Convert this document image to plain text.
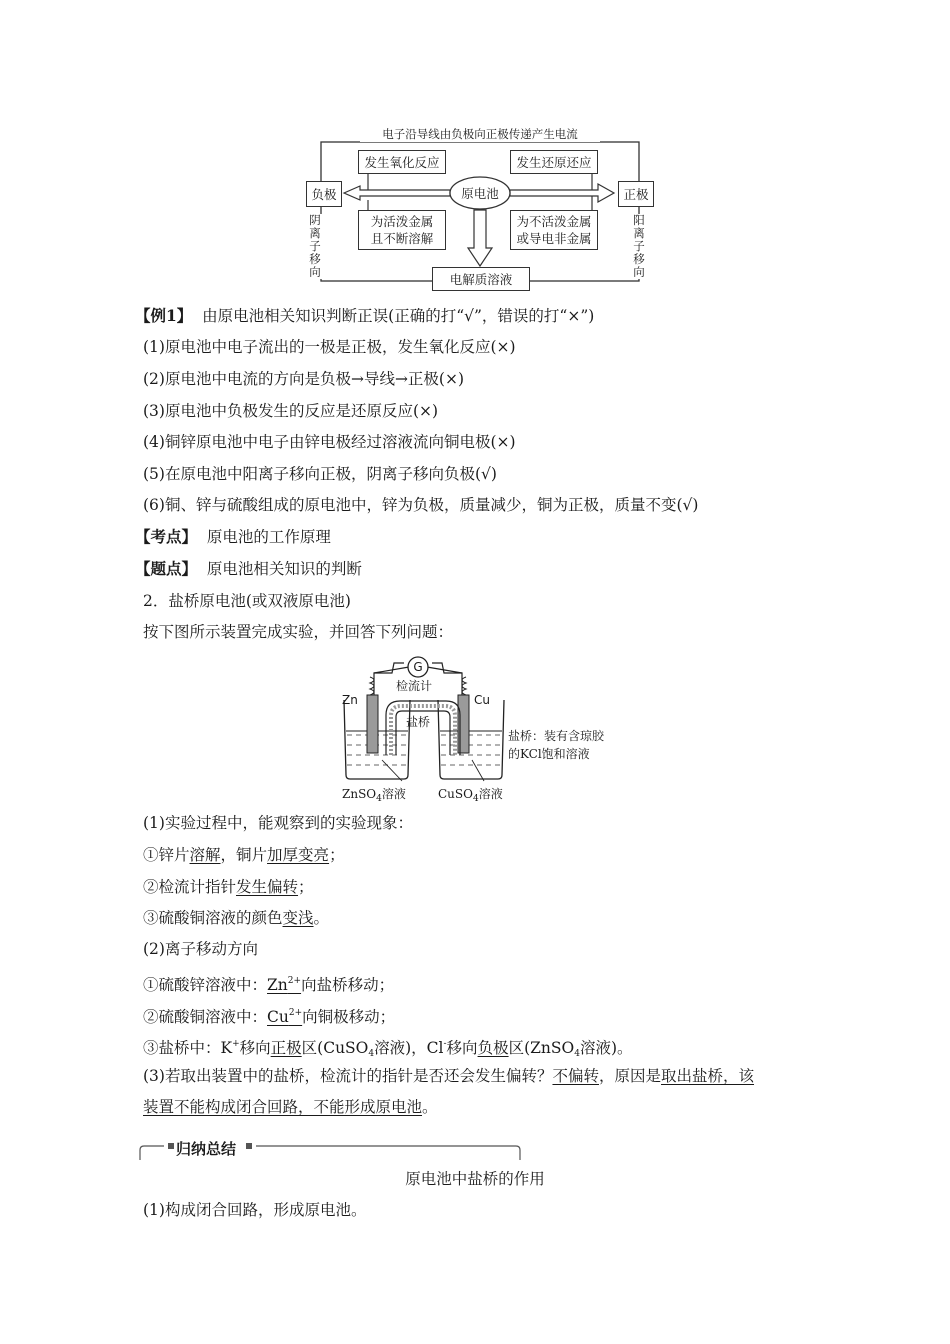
电子沿导线由负极向正极传递产生电流
负极	正极
原电池
发生氧化反应	发生还原还应
为活泼金属
且不断溶解
为不活泼金属
或导电非金属
电解质溶液
阴
离
子
移
向
阳
离
子
移
向
【例1】 由原电池相关知识判断正误(正确的打“√”，错误的打“×”)
(1)原电池中电子流出的一极是正极，发生氧化反应(×)
(2)原电池中电流的方向是负极→导线→正极(×)
(3)原电池中负极发生的反应是还原反应(×)
(4)铜锌原电池中电子由锌电极经过溶液流向铜电极(×)
(5)在原电池中阳离子移向正极，阴离子移向负极(√)
(6)铜、锌与硫酸组成的原电池中，锌为负极，质量减少，铜为正极，质量不变(√)
【考点】 原电池的工作原理
【题点】 原电池相关知识的判断
2．盐桥原电池(或双液原电池)
按下图所示装置完成实验，并回答下列问题：
G
检流计
盐桥
Zn	Cu
盐桥：装有含琼胶
的KCl饱和溶液
ZnSO$_4$溶液	CuSO$_4$溶液
(1)实验过程中，能观察到的实验现象：
①锌片溶解，铜片加厚变亮；
②检流计指针发生偏转；
③硫酸铜溶液的颜色变浅。
(2)离子移动方向
①硫酸锌溶液中：$Zn^{2+}$向盐桥移动；
②硫酸铜溶液中：$Cu^{2+}$向铜极移动；
③盐桥中：K+移向正极区(CuSO$_4$溶液)，Cl-移向负极区(ZnSO$_4$溶液)。
(3)若取出装置中的盐桥，检流计的指针是否还会发生偏转？不偏转，原因是取出盐桥，该
装置不能构成闭合回路，不能形成原电池。
归纳总结
原电池中盐桥的作用
(1)构成闭合回路，形成原电池。
